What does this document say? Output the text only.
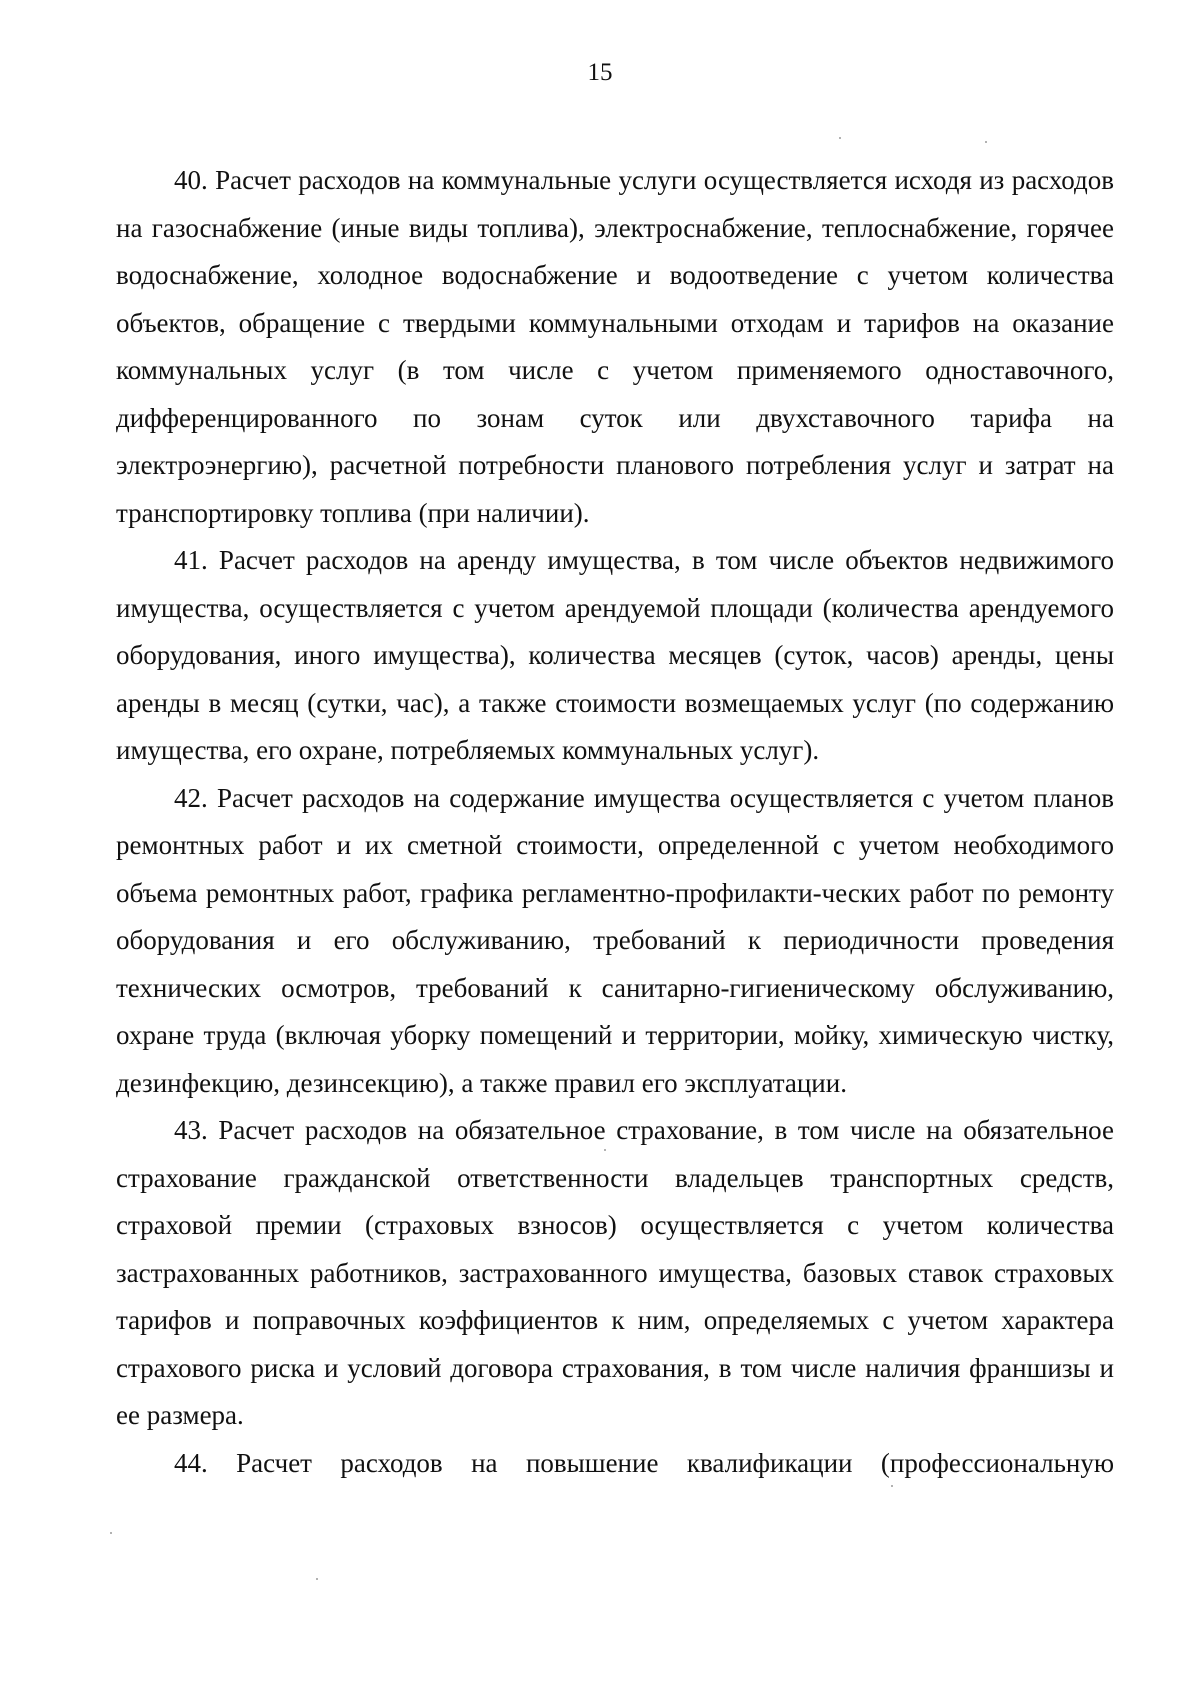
15

40. Расчет расходов на коммунальные услуги осуществляется исходя из расходов на газоснабжение (иные виды топлива), электроснабжение, теплоснабжение, горячее водоснабжение, холодное водоснабжение и водоотведение с учетом количества объектов, обращение с твердыми коммунальными отходам и тарифов на оказание коммунальных услуг (в том числе с учетом применяемого одноставочного, дифференцированного по зонам суток или двухставочного тарифа на электроэнергию), расчетной потребности планового потребления услуг и затрат на транспортировку топлива (при наличии).

41. Расчет расходов на аренду имущества, в том числе объектов недвижимого имущества, осуществляется с учетом арендуемой площади (количества арендуемого оборудования, иного имущества), количества месяцев (суток, часов) аренды, цены аренды в месяц (сутки, час), а также стоимости возмещаемых услуг (по содержанию имущества, его охране, потребляемых коммунальных услуг).

42. Расчет расходов на содержание имущества осуществляется с учетом планов ремонтных работ и их сметной стоимости, определенной с учетом необходимого объема ремонтных работ, графика регламентно-профилакти-ческих работ по ремонту оборудования и его обслуживанию, требований к периодичности проведения технических осмотров, требований к санитарно-гигиеническому обслуживанию, охране труда (включая уборку помещений и территории, мойку, химическую чистку, дезинфекцию, дезинсекцию), а также правил его эксплуатации.

43. Расчет расходов на обязательное страхование, в том числе на обязательное страхование гражданской ответственности владельцев транспортных средств, страховой премии (страховых взносов) осуществляется с учетом количества застрахованных работников, застрахованного имущества, базовых ставок страховых тарифов и поправочных коэффициентов к ним, определяемых с учетом характера страхового риска и условий договора страхования, в том числе наличия франшизы и ее размера.

44. Расчет расходов на повышение квалификации (профессиональную
